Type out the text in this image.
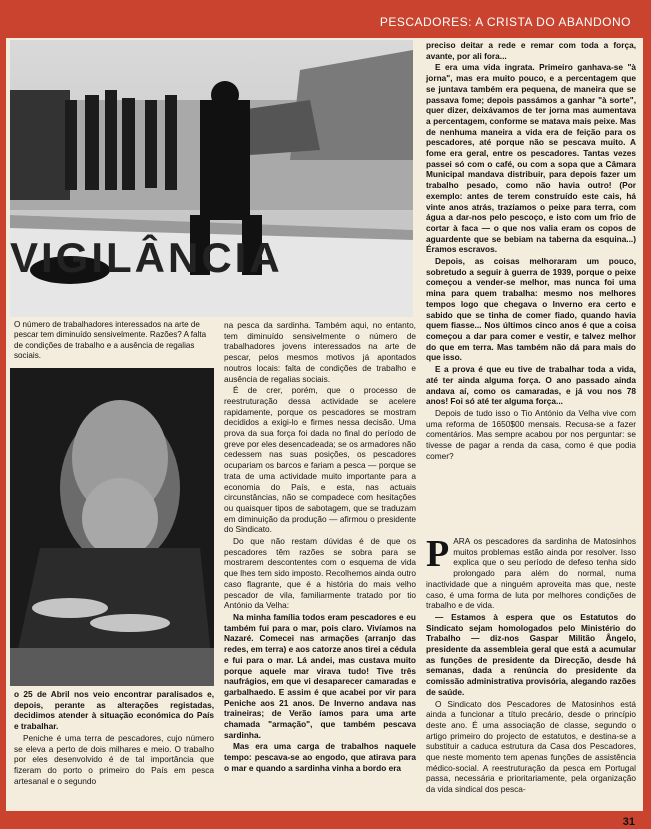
PESCADORES: A CRISTA DO ABANDONO
31
VIGILÂNCIA
O número de trabalhadores interessados na arte de pescar tem diminuído sensivelmente. Razões? A falta de condições de trabalho e a ausência de regalias sociais.

o 25 de Abril nos veio encontrar paralisados e, depois, perante as alterações registadas, decidimos atender à situação económica do País e trabalhar.

Peniche é uma terra de pescadores, cujo número se eleva a perto de dois milhares e meio. O trabalho por eles desenvolvido é de tal importância que fizeram do porto o primeiro do País em pesca artesanal e o segundo

na pesca da sardinha. Também aqui, no entanto, tem diminuído sensivelmente o número de trabalhadores jovens interessados na arte de pescar, pelos mesmos motivos já apontados noutros locais: falta de condições de trabalho e ausência de regalias sociais.

É de crer, porém, que o processo de reestruturação dessa actividade se acelere rapidamente, porque os pescadores se mostram decididos a exigi-lo e firmes nessa decisão. Uma prova da sua força foi dada no final do período de greve por eles desencadeada; se os armadores não cedessem nas suas posições, os pescadores ocupariam os barcos e fariam a pesca — porque se trata de uma actividade muito importante para a economia do País, e esta, nas actuais circunstâncias, não se compadece com hesitações ou quaisquer tipos de sabotagem, que se traduzam em diminuição da produção — afirmou o presidente do Sindicato.

Do que não restam dúvidas é de que os pescadores têm razões se sobra para se mostrarem descontentes com o esquema de vida que lhes tem sido imposto. Recolhemos ainda outro caso flagrante, que é a história do mais velho pescador de vila, familiarmente tratado por tio António da Velha:

Na minha família todos eram pescadores e eu também fui para o mar, pois claro. Vivíamos na Nazaré. Comecei nas armações (arranjo das redes, em terra) e aos catorze anos tirei a cédula e fui para o mar. Lá andei, mas custava muito porque aquele mar virava tudo! Tive três naufrágios, em que vi desaparecer camaradas e garbalhaedo. E assim é que acabei por vir para Peniche aos 21 anos. De Inverno andava nas traineiras; de Verão íamos para uma arte chamada "armação", que também pescava sardinha.

Mas era uma carga de trabalhos naquele tempo: pescava-se ao engodo, que atirava para o mar e quando a sardinha vinha a bordo era

preciso deitar a rede e remar com toda a força, avante, por ali fora...

E era uma vida ingrata. Primeiro ganhava-se "à jorna", mas era muito pouco, e a percentagem que se juntava também era pequena, de maneira que se passava fome; depois passámos a ganhar "à sorte", quer dizer, deixávamos de ter jorna mas aumentava a percentagem, conforme se matava mais peixe. Mas de nenhuma maneira a vida era de feição para os pescadores, até porque não se pescava muito. A fome era geral, entre os pescadores. Tantas vezes passei só com o café, ou com a sopa que a Câmara Municipal mandava distribuir, para depois fazer um trabalho pesado, como não havia outro! (Por exemplo: antes de terem construído este cais, há vinte anos atrás, trazíamos o peixe para terra, com água a dar-nos pelo pescoço, e isto com um frio de cortar à faca — o que nos valia eram os copos de aguardente que se bebiam na taberna da esquina...) Éramos escravos.

Depois, as coisas melhoraram um pouco, sobretudo a seguir à guerra de 1939, porque o peixe começou a vender-se melhor, mas nunca foi uma mina para quem trabalha: mesmo nos melhores tempos logo que chegava o Inverno era certo e sabido que se tinha de comer fiado, quando havia quem fiasse... Nos últimos cinco anos é que a coisa começou a dar para comer e vestir, e talvez melhor do que em terra. Mas também não dá para mais do que isso.

E a prova é que eu tive de trabalhar toda a vida, até ter ainda alguma força. O ano passado ainda andava aí, como os camaradas, e já vou nos 78 anos! Foi só até ter alguma força...

Depois de tudo isso o Tio António da Velha vive com uma reforma de 1650$00 mensais. Recusa-se a fazer comentários. Mas sempre acabou por nos perguntar: se tivesse de pagar a renda da casa, como é que podia comer?

PARA os pescadores da sardinha de Matosinhos muitos problemas estão ainda por resolver. Isso explica que o seu período de defeso tenha sido prolongado para além do normal, numa inactividade que a ninguém aproveita mas que, neste caso, é uma forma de luta por melhores condições de trabalho e de vida.

— Estamos à espera que os Estatutos do Sindicato sejam homologados pelo Ministério do Trabalho — diz-nos Gaspar Militão Ângelo, presidente da assembleia geral que está a acumular as funções de presidente da Direcção, desde há semanas, dada a renúncia do presidente da comissão administrativa provisória, alegando razões de saúde.

O Sindicato dos Pescadores de Matosinhos está ainda a funcionar a título precário, desde o princípio deste ano. É uma associação de classe, segundo o artigo primeiro do projecto de estatutos, e destina-se a substituir a caduca estrutura da Casa dos Pescadores, que neste momento tem apenas funções de assistência médico-social. A reestruturação da pesca em Portugal passa, necessária e prioritariamente, pela organização da vida sindical dos pesca-
